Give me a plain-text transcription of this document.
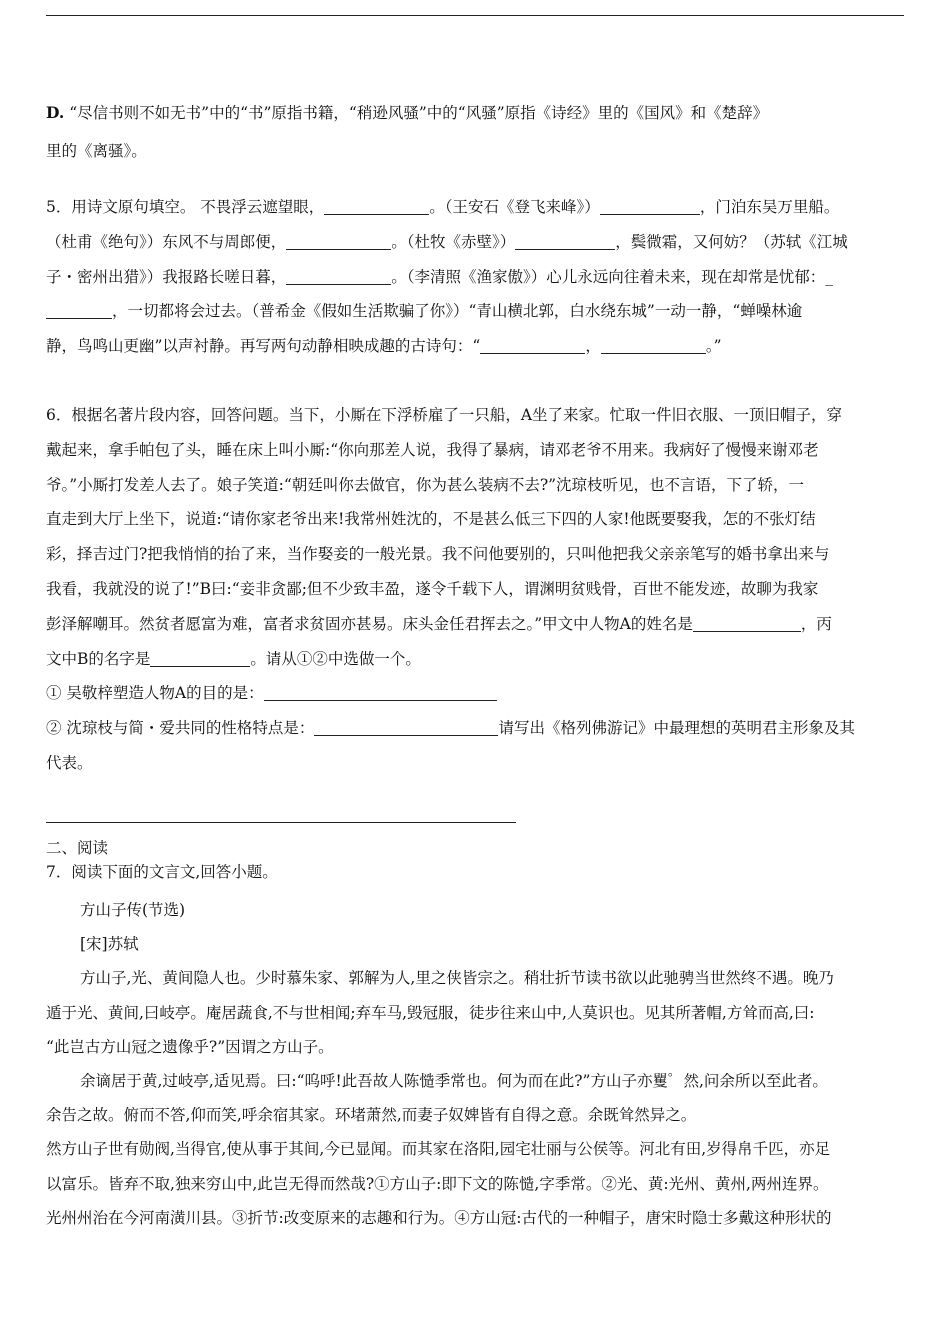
D. “尽信书则不如无书”中的“书”原指书籍，“稍逊风骚”中的“风骚”原指《诗经》里的《国风》和《楚辞》
里的《离骚》。
5．用诗文原句填空。 不畏浮云遮望眼，	。（王安石《登飞来峰》）	，门泊东吴万里船。
（杜甫《绝句》）东风不与周郎便，	。（杜牧《赤壁》）	，鬓微霜，又何妨？（苏轼《江城
子・密州出猎》）我报路长嗟日暮，	。（李清照《渔家傲》）心儿永远向往着未来，现在却常是忧郁：_
，一切都将会过去。（普希金《假如生活欺骗了你》）“青山横北郭，白水绕东城”一动一静，“蝉噪林逾
静，鸟鸣山更幽”以声衬静。再写两句动静相映成趣的古诗句：“	，	。”
6．根据名著片段内容，回答问题。当下，小厮在下浮桥雇了一只船，A坐了来家。忙取一件旧衣服、一顶旧帽子，穿
戴起来，拿手帕包了头，睡在床上叫小厮:“你向那差人说，我得了暴病，请邓老爷不用来。我病好了慢慢来谢邓老
爷。”小厮打发差人去了。娘子笑道:“朝廷叫你去做官，你为甚么装病不去?”沈琼枝听见，也不言语，下了轿，一
直走到大厅上坐下，说道:“请你家老爷出来!我常州姓沈的，不是甚么低三下四的人家!他既要娶我，怎的不张灯结
彩，择吉过门?把我悄悄的抬了来，当作娶妾的一般光景。我不问他要别的，只叫他把我父亲亲笔写的婚书拿出来与
我看，我就没的说了!”B曰:“妾非贪鄙;但不少致丰盈，遂令千载下人，谓渊明贫贱骨，百世不能发迹，故聊为我家
彭泽解嘲耳。然贫者愿富为难，富者求贫固亦甚易。床头金任君挥去之。”甲文中人物A的姓名是	，丙
文中B的名字是	。请从①②中选做一个。
① 吴敬梓塑造人物A的目的是：
② 沈琼枝与简・爱共同的性格特点是：	请写出《格列佛游记》中最理想的英明君主形象及其
代表。
二、阅读
7．阅读下面的文言文,回答小题。
方山子传(节选)
[宋]苏轼
方山子,光、黄间隐人也。少时慕朱家、郭解为人,里之侠皆宗之。稍壮折节读书欲以此驰骋当世然终不遇。晚乃
遁于光、黄间,曰岐亭。庵居蔬食,不与世相闻;弃车马,毁冠服，徒步往来山中,人莫识也。见其所著帽,方耸而高,曰:
“此岂古方山冠之遗像乎?”因谓之方山子。
余谪居于黄,过岐亭,适见焉。曰:“呜呼!此吾故人陈慥季常也。何为而在此?”方山子亦矍゜然,问余所以至此者。
余告之故。俯而不答,仰而笑,呼余宿其家。环堵萧然,而妻子奴婢皆有自得之意。余既耸然异之。
然方山子世有勋阀,当得官,使从事于其间,今已显闻。而其家在洛阳,园宅壮丽与公侯等。河北有田,岁得帛千匹，亦足
以富乐。皆弃不取,独来穷山中,此岂无得而然哉?①方山子:即下文的陈慥,字季常。②光、黄:光州、黄州,两州连界。
光州州治在今河南潢川县。③折节:改变原来的志趣和行为。④方山冠:古代的一种帽子，唐宋时隐士多戴这种形状的
